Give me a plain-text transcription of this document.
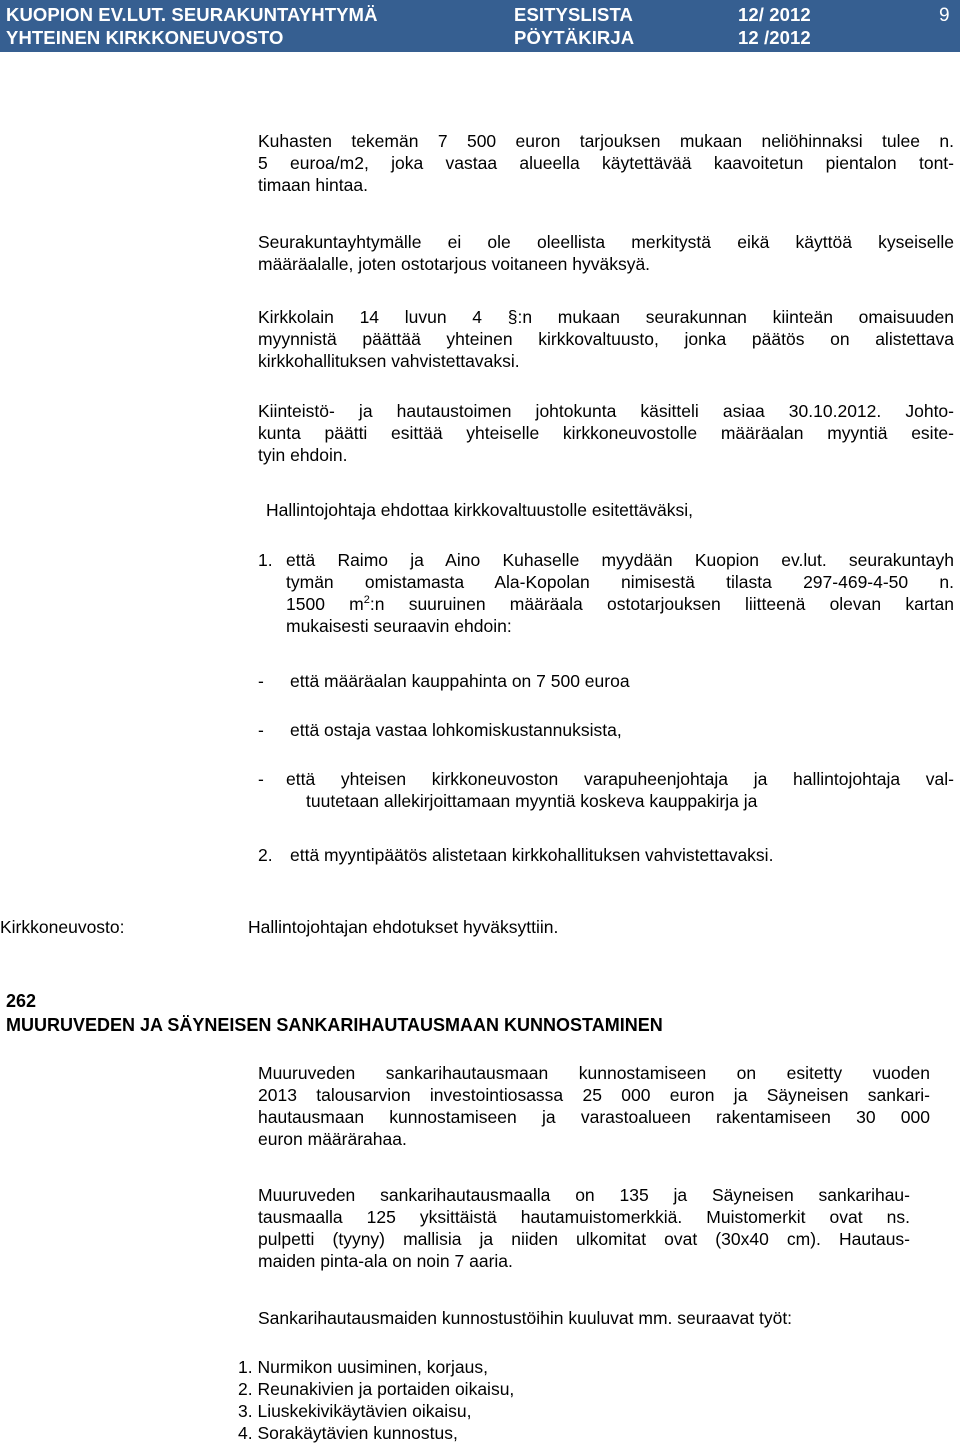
KUOPION EV.LUT. SEURAKUNTAYHTYMÄ
YHTEINEN KIRKKONEUVOSTO
ESITYSLISTA
PÖYTÄKIRJA
12/ 2012
12 /2012
9
Kuhasten tekemän 7 500 euron tarjouksen mukaan neliöhinnaksi tulee n.
5 euroa/m2, joka vastaa alueella käytettävää kaavoitetun pientalon tont-
timaan hintaa.
Seurakuntayhtymälle ei ole oleellista merkitystä eikä käyttöä kyseiselle
määräalalle, joten ostotarjous voitaneen hyväksyä.
Kirkkolain 14 luvun 4 §:n mukaan seurakunnan kiinteän omaisuuden
myynnistä päättää yhteinen kirkkovaltuusto, jonka päätös on alistettava
kirkkohallituksen vahvistettavaksi.
Kiinteistö- ja hautaustoimen johtokunta käsitteli asiaa 30.10.2012. Johto-
kunta päätti esittää yhteiselle kirkkoneuvostolle määräalan myyntiä esite-
tyin ehdoin.
Hallintojohtaja ehdottaa kirkkovaltuustolle esitettäväksi,
1. että Raimo ja Aino Kuhaselle myydään Kuopion ev.lut. seurakuntayh
tymän omistamasta Ala-Kopolan nimisestä tilasta 297-469-4-50 n.
1500 $m^2:n$ suuruinen määräala ostotarjouksen liitteenä olevan kartan
mukaisesti seuraavin ehdoin:
- että määräalan kauppahinta on 7 500 euroa
- että ostaja vastaa lohkomiskustannuksista,
- että yhteisen kirkkoneuvoston varapuheenjohtaja ja hallintojohtaja val-
tuutetaan allekirjoittamaan myyntiä koskeva kauppakirja ja
2. että myyntipäätös alistetaan kirkkohallituksen vahvistettavaksi.
Kirkkoneuvosto:	Hallintojohtajan ehdotukset hyväksyttiin.
262
MUURUVEDEN JA SÄYNEISEN SANKARIHAUTAUSMAAN KUNNOSTAMINEN
Muuruveden sankarihautausmaan kunnostamiseen on esitetty vuoden
2013 talousarvion investointiosassa 25 000 euron ja Säyneisen sankari-
hautausmaan kunnostamiseen ja varastoalueen rakentamiseen 30 000
euron määrärahaa.
Muuruveden sankarihautausmaalla on 135 ja Säyneisen sankarihau-
tausmaalla 125 yksittäistä hautamuistomerkkiä. Muistomerkit ovat ns.
pulpetti (tyyny) mallisia ja niiden ulkomitat ovat (30x40 cm). Hautaus-
maiden pinta-ala on noin 7 aaria.
Sankarihautausmaiden kunnostustöihin kuuluvat mm. seuraavat työt:
1. Nurmikon uusiminen, korjaus,
2. Reunakivien ja portaiden oikaisu,
3. Liuskekivikäytävien oikaisu,
4. Sorakäytävien kunnostus,
